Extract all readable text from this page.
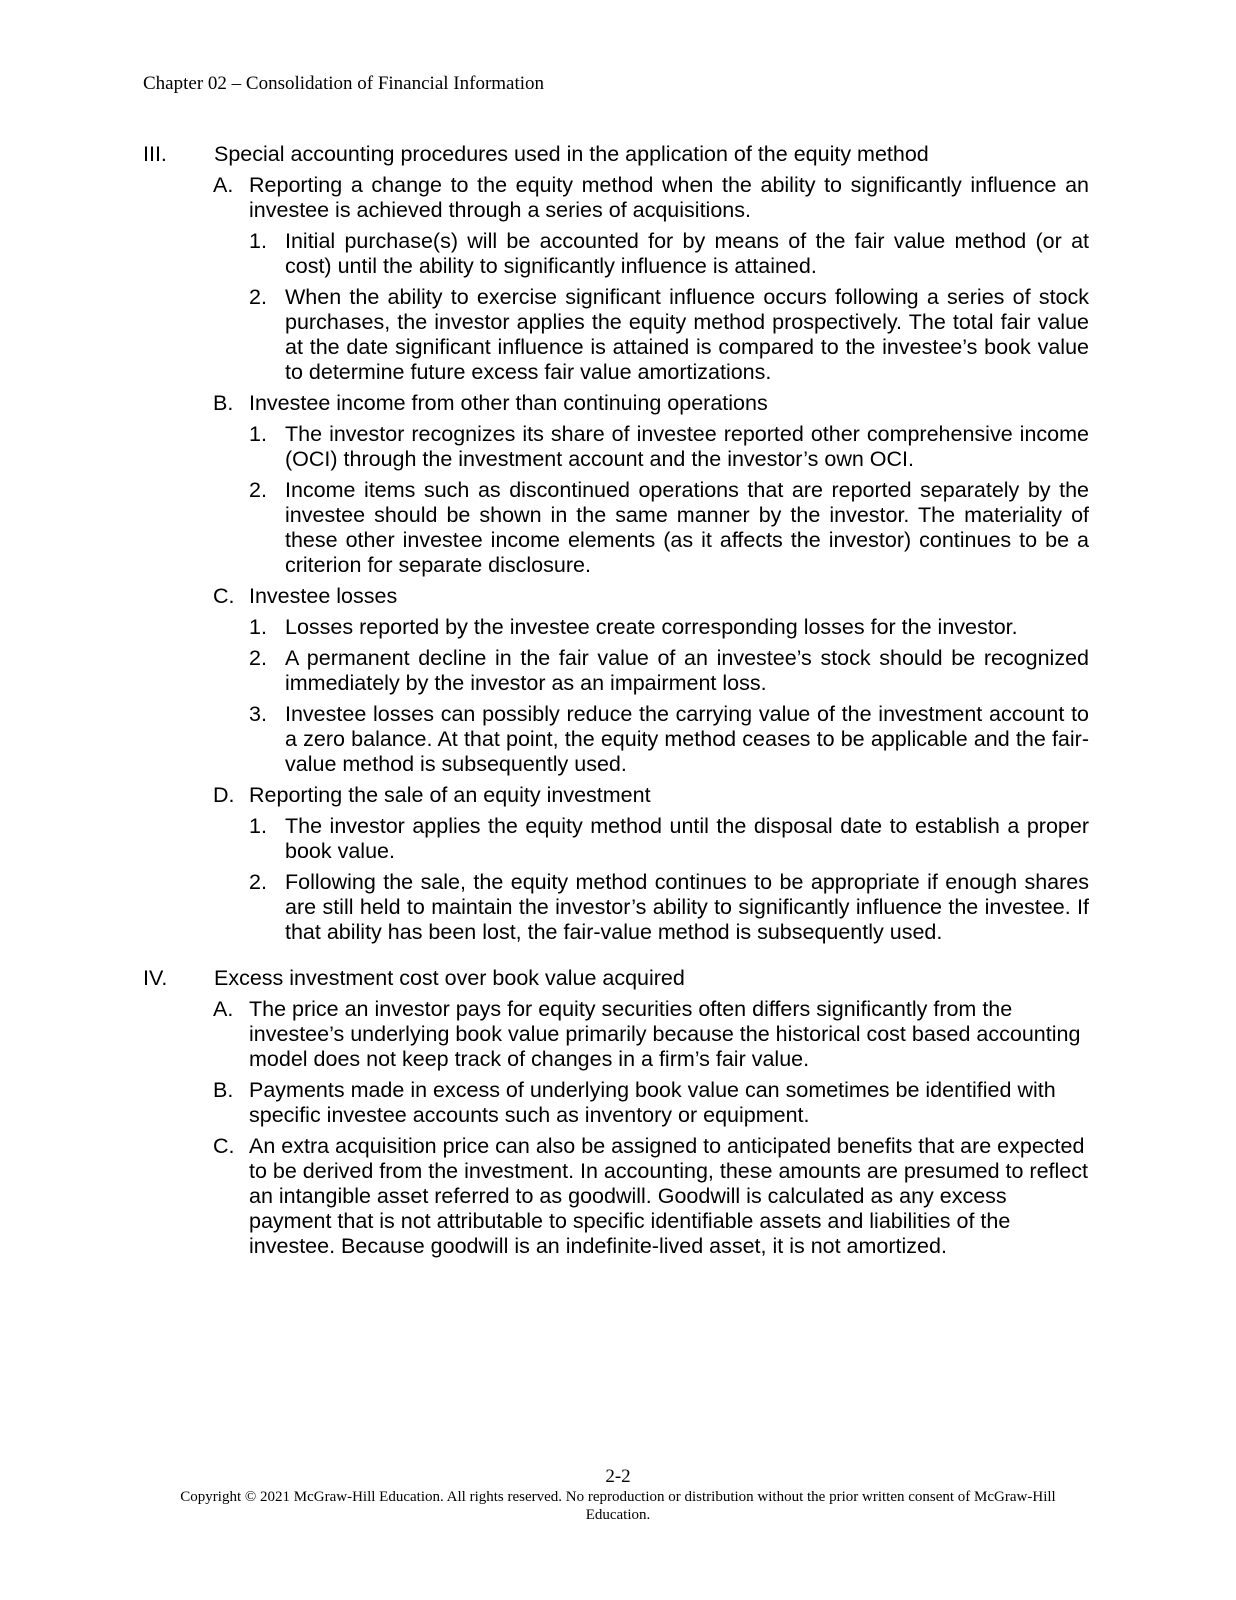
Chapter 02 – Consolidation of Financial Information
III. Special accounting procedures used in the application of the equity method
A. Reporting a change to the equity method when the ability to significantly influence an investee is achieved through a series of acquisitions.
1. Initial purchase(s) will be accounted for by means of the fair value method (or at cost) until the ability to significantly influence is attained.
2. When the ability to exercise significant influence occurs following a series of stock purchases, the investor applies the equity method prospectively. The total fair value at the date significant influence is attained is compared to the investee’s book value to determine future excess fair value amortizations.
B. Investee income from other than continuing operations
1. The investor recognizes its share of investee reported other comprehensive income (OCI) through the investment account and the investor’s own OCI.
2. Income items such as discontinued operations that are reported separately by the investee should be shown in the same manner by the investor. The materiality of these other investee income elements (as it affects the investor) continues to be a criterion for separate disclosure.
C. Investee losses
1. Losses reported by the investee create corresponding losses for the investor.
2. A permanent decline in the fair value of an investee’s stock should be recognized immediately by the investor as an impairment loss.
3. Investee losses can possibly reduce the carrying value of the investment account to a zero balance. At that point, the equity method ceases to be applicable and the fair-value method is subsequently used.
D. Reporting the sale of an equity investment
1. The investor applies the equity method until the disposal date to establish a proper book value.
2. Following the sale, the equity method continues to be appropriate if enough shares are still held to maintain the investor’s ability to significantly influence the investee. If that ability has been lost, the fair-value method is subsequently used.
IV. Excess investment cost over book value acquired
A. The price an investor pays for equity securities often differs significantly from the investee’s underlying book value primarily because the historical cost based accounting model does not keep track of changes in a firm’s fair value.
B. Payments made in excess of underlying book value can sometimes be identified with specific investee accounts such as inventory or equipment.
C. An extra acquisition price can also be assigned to anticipated benefits that are expected to be derived from the investment. In accounting, these amounts are presumed to reflect an intangible asset referred to as goodwill. Goodwill is calculated as any excess payment that is not attributable to specific identifiable assets and liabilities of the investee. Because goodwill is an indefinite-lived asset, it is not amortized.
2-2
Copyright © 2021 McGraw-Hill Education. All rights reserved. No reproduction or distribution without the prior written consent of McGraw-Hill Education.
